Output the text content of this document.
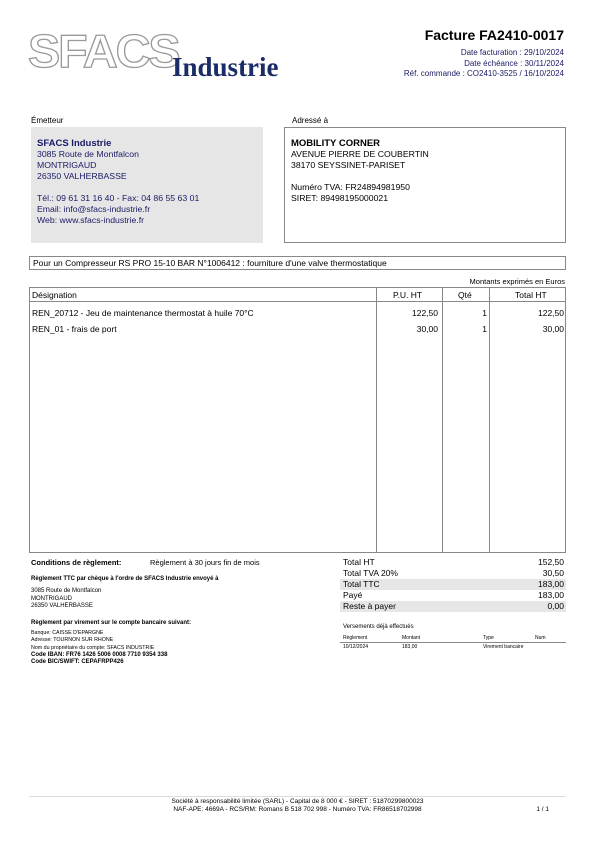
SFACS
Industrie
Facture FA2410-0017
Date facturation : 29/10/2024
Date échéance : 30/11/2024
Réf. commande : CO2410-3525 / 16/10/2024
Émetteur
SFACS Industrie
3085 Route de Montfalcon
MONTRIGAUD
26350 VALHERBASSE
Tél.: 09 61 31 16 40 - Fax: 04 86 55 63 01
Email: info@sfacs-industrie.fr
Web: www.sfacs-industrie.fr
Adressé à
MOBILITY CORNER
AVENUE PIERRE DE COUBERTIN
38170 SEYSSINET-PARISET
Numéro TVA: FR24894981950
SIRET: 89498195000021
Pour un Compresseur RS PRO 15-10 BAR N°1006412 : fourniture d'une valve thermostatique
Montants exprimés en Euros
Désignation	P.U. HT	Qté	Total HT
REN_20712 - Jeu de maintenance thermostat à huile 70°C	122,50	1	122,50
REN_01 - frais de port	30,00	1	30,00
Conditions de règlement:	Règlement à 30 jours fin de mois
Règlement TTC par chèque à l'ordre de SFACS Industrie envoyé à
3085 Route de Montfalcon
MONTRIGAUD
26350 VALHERBASSE
Règlement par virement sur le compte bancaire suivant:
Banque: CAISSE D'EPARGNE
Adresse: TOURNON SUR RHONE
Nom du propriétaire du compte: SFACS INDUSTRIE
Code IBAN: FR76 1426 5006 0008 7710 9354 338
Code BIC/SWIFT: CEPAFRPP426
Total HT	152,50
Total TVA 20%	30,50
Total TTC	183,00
Payé	183,00
Reste à payer	0,00
Versements déjà effectués
Règlement	Montant	Type	Num
10/12/2024	183,00	Virement bancaire
Société à responsabilité limitée (SARL) - Capital de 8 000 € - SIRET : 51870299800023
NAF-APE: 4669A - RCS/RM: Romans B 518 702 998 - Numéro TVA: FR86518702998	1 / 1
